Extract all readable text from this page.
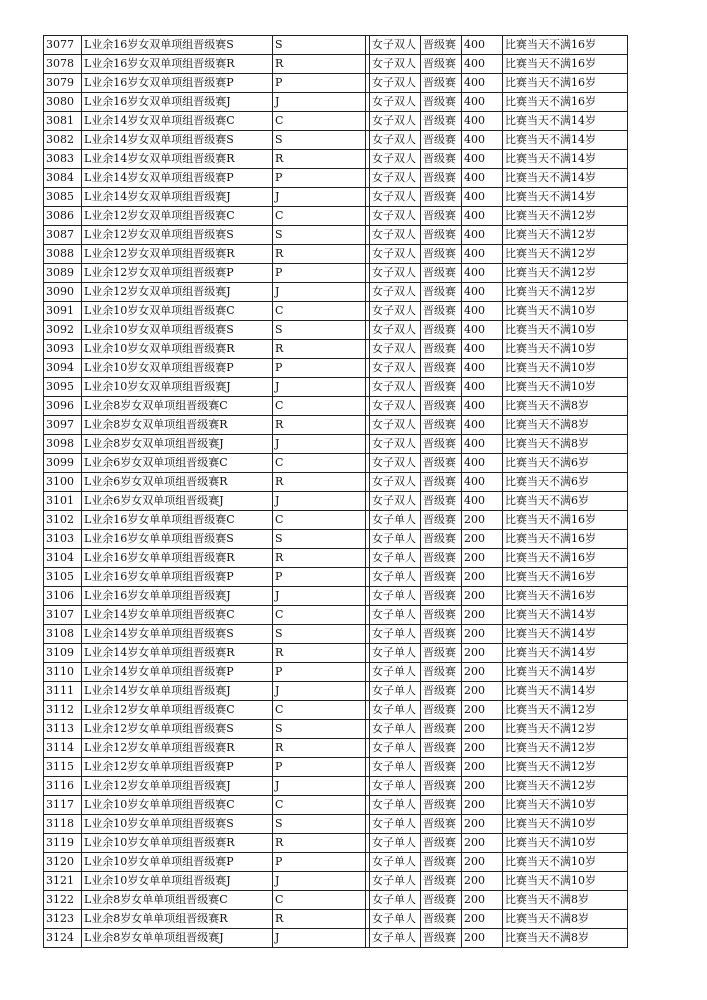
3077	L业余16岁女双单项组晋级赛S	S		女子双人	晋级赛	400	比赛当天不满16岁
3078	L业余16岁女双单项组晋级赛R	R		女子双人	晋级赛	400	比赛当天不满16岁
3079	L业余16岁女双单项组晋级赛P	P		女子双人	晋级赛	400	比赛当天不满16岁
3080	L业余16岁女双单项组晋级赛J	J		女子双人	晋级赛	400	比赛当天不满16岁
3081	L业余14岁女双单项组晋级赛C	C		女子双人	晋级赛	400	比赛当天不满14岁
3082	L业余14岁女双单项组晋级赛S	S		女子双人	晋级赛	400	比赛当天不满14岁
3083	L业余14岁女双单项组晋级赛R	R		女子双人	晋级赛	400	比赛当天不满14岁
3084	L业余14岁女双单项组晋级赛P	P		女子双人	晋级赛	400	比赛当天不满14岁
3085	L业余14岁女双单项组晋级赛J	J		女子双人	晋级赛	400	比赛当天不满14岁
3086	L业余12岁女双单项组晋级赛C	C		女子双人	晋级赛	400	比赛当天不满12岁
3087	L业余12岁女双单项组晋级赛S	S		女子双人	晋级赛	400	比赛当天不满12岁
3088	L业余12岁女双单项组晋级赛R	R		女子双人	晋级赛	400	比赛当天不满12岁
3089	L业余12岁女双单项组晋级赛P	P		女子双人	晋级赛	400	比赛当天不满12岁
3090	L业余12岁女双单项组晋级赛J	J		女子双人	晋级赛	400	比赛当天不满12岁
3091	L业余10岁女双单项组晋级赛C	C		女子双人	晋级赛	400	比赛当天不满10岁
3092	L业余10岁女双单项组晋级赛S	S		女子双人	晋级赛	400	比赛当天不满10岁
3093	L业余10岁女双单项组晋级赛R	R		女子双人	晋级赛	400	比赛当天不满10岁
3094	L业余10岁女双单项组晋级赛P	P		女子双人	晋级赛	400	比赛当天不满10岁
3095	L业余10岁女双单项组晋级赛J	J		女子双人	晋级赛	400	比赛当天不满10岁
3096	L业余8岁女双单项组晋级赛C	C		女子双人	晋级赛	400	比赛当天不满8岁
3097	L业余8岁女双单项组晋级赛R	R		女子双人	晋级赛	400	比赛当天不满8岁
3098	L业余8岁女双单项组晋级赛J	J		女子双人	晋级赛	400	比赛当天不满8岁
3099	L业余6岁女双单项组晋级赛C	C		女子双人	晋级赛	400	比赛当天不满6岁
3100	L业余6岁女双单项组晋级赛R	R		女子双人	晋级赛	400	比赛当天不满6岁
3101	L业余6岁女双单项组晋级赛J	J		女子双人	晋级赛	400	比赛当天不满6岁
3102	L业余16岁女单单项组晋级赛C	C		女子单人	晋级赛	200	比赛当天不满16岁
3103	L业余16岁女单单项组晋级赛S	S		女子单人	晋级赛	200	比赛当天不满16岁
3104	L业余16岁女单单项组晋级赛R	R		女子单人	晋级赛	200	比赛当天不满16岁
3105	L业余16岁女单单项组晋级赛P	P		女子单人	晋级赛	200	比赛当天不满16岁
3106	L业余16岁女单单项组晋级赛J	J		女子单人	晋级赛	200	比赛当天不满16岁
3107	L业余14岁女单单项组晋级赛C	C		女子单人	晋级赛	200	比赛当天不满14岁
3108	L业余14岁女单单项组晋级赛S	S		女子单人	晋级赛	200	比赛当天不满14岁
3109	L业余14岁女单单项组晋级赛R	R		女子单人	晋级赛	200	比赛当天不满14岁
3110	L业余14岁女单单项组晋级赛P	P		女子单人	晋级赛	200	比赛当天不满14岁
3111	L业余14岁女单单项组晋级赛J	J		女子单人	晋级赛	200	比赛当天不满14岁
3112	L业余12岁女单单项组晋级赛C	C		女子单人	晋级赛	200	比赛当天不满12岁
3113	L业余12岁女单单项组晋级赛S	S		女子单人	晋级赛	200	比赛当天不满12岁
3114	L业余12岁女单单项组晋级赛R	R		女子单人	晋级赛	200	比赛当天不满12岁
3115	L业余12岁女单单项组晋级赛P	P		女子单人	晋级赛	200	比赛当天不满12岁
3116	L业余12岁女单单项组晋级赛J	J		女子单人	晋级赛	200	比赛当天不满12岁
3117	L业余10岁女单单项组晋级赛C	C		女子单人	晋级赛	200	比赛当天不满10岁
3118	L业余10岁女单单项组晋级赛S	S		女子单人	晋级赛	200	比赛当天不满10岁
3119	L业余10岁女单单项组晋级赛R	R		女子单人	晋级赛	200	比赛当天不满10岁
3120	L业余10岁女单单项组晋级赛P	P		女子单人	晋级赛	200	比赛当天不满10岁
3121	L业余10岁女单单项组晋级赛J	J		女子单人	晋级赛	200	比赛当天不满10岁
3122	L业余8岁女单单项组晋级赛C	C		女子单人	晋级赛	200	比赛当天不满8岁
3123	L业余8岁女单单项组晋级赛R	R		女子单人	晋级赛	200	比赛当天不满8岁
3124	L业余8岁女单单项组晋级赛J	J		女子单人	晋级赛	200	比赛当天不满8岁
